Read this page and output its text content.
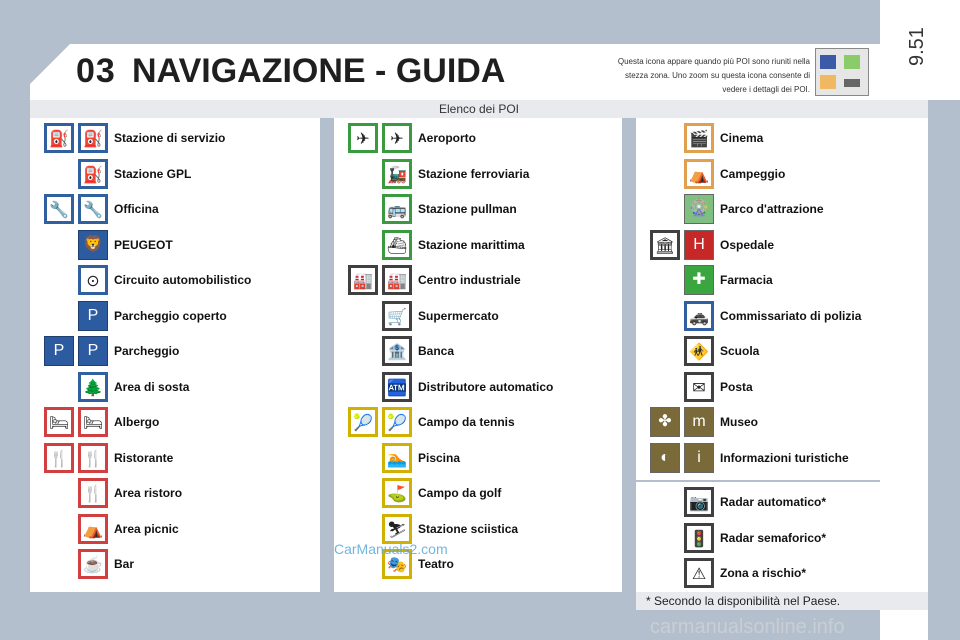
03 NAVIGAZIONE - GUIDA	Questa icona appare quando più POI sono riuniti nella stezza zona. Uno zoom su questa icona consente di vedere i dettagli dei POI.
9.51
Elenco dei POI
⛽ ⛽ Stazione di servizio
⛽ Stazione GPL
🔧 🔧 Officina
🦁 PEUGEOT
⊙	Circuito automobilistico
P	Parcheggio coperto
P	P	Parcheggio
🌲 Area di sosta
🛏 🛏 Albergo
🍴 🍴 Ristorante
🍴 Area ristoro
⛺ Area picnic
☕ Bar
✈	✈	Aeroporto
🚂 Stazione ferroviaria
🚌 Stazione pullman
⛴ Stazione marittima
🏭 🏭 Centro industriale
🛒 Supermercato
🏦 Banca
🏧 Distributore automatico
🎾 🎾 Campo da tennis
🏊 Piscina
⛳ Campo da golf
⛷ Stazione sciistica
🎭 Teatro
🎬 Cinema
⛺ Campeggio
🎡 Parco d'attrazione
🏛	H	Ospedale
✚	Farmacia
🚓 Commissariato di polizia
🚸 Scuola
✉	Posta
✤	m	Museo
◐	i	Informazioni turistiche
📷 Radar automatico*
🚦 Radar semaforico*
⚠	Zona a rischio*
* Secondo la disponibilità nel Paese.
CarManuals2.com
carmanualsonline.info
